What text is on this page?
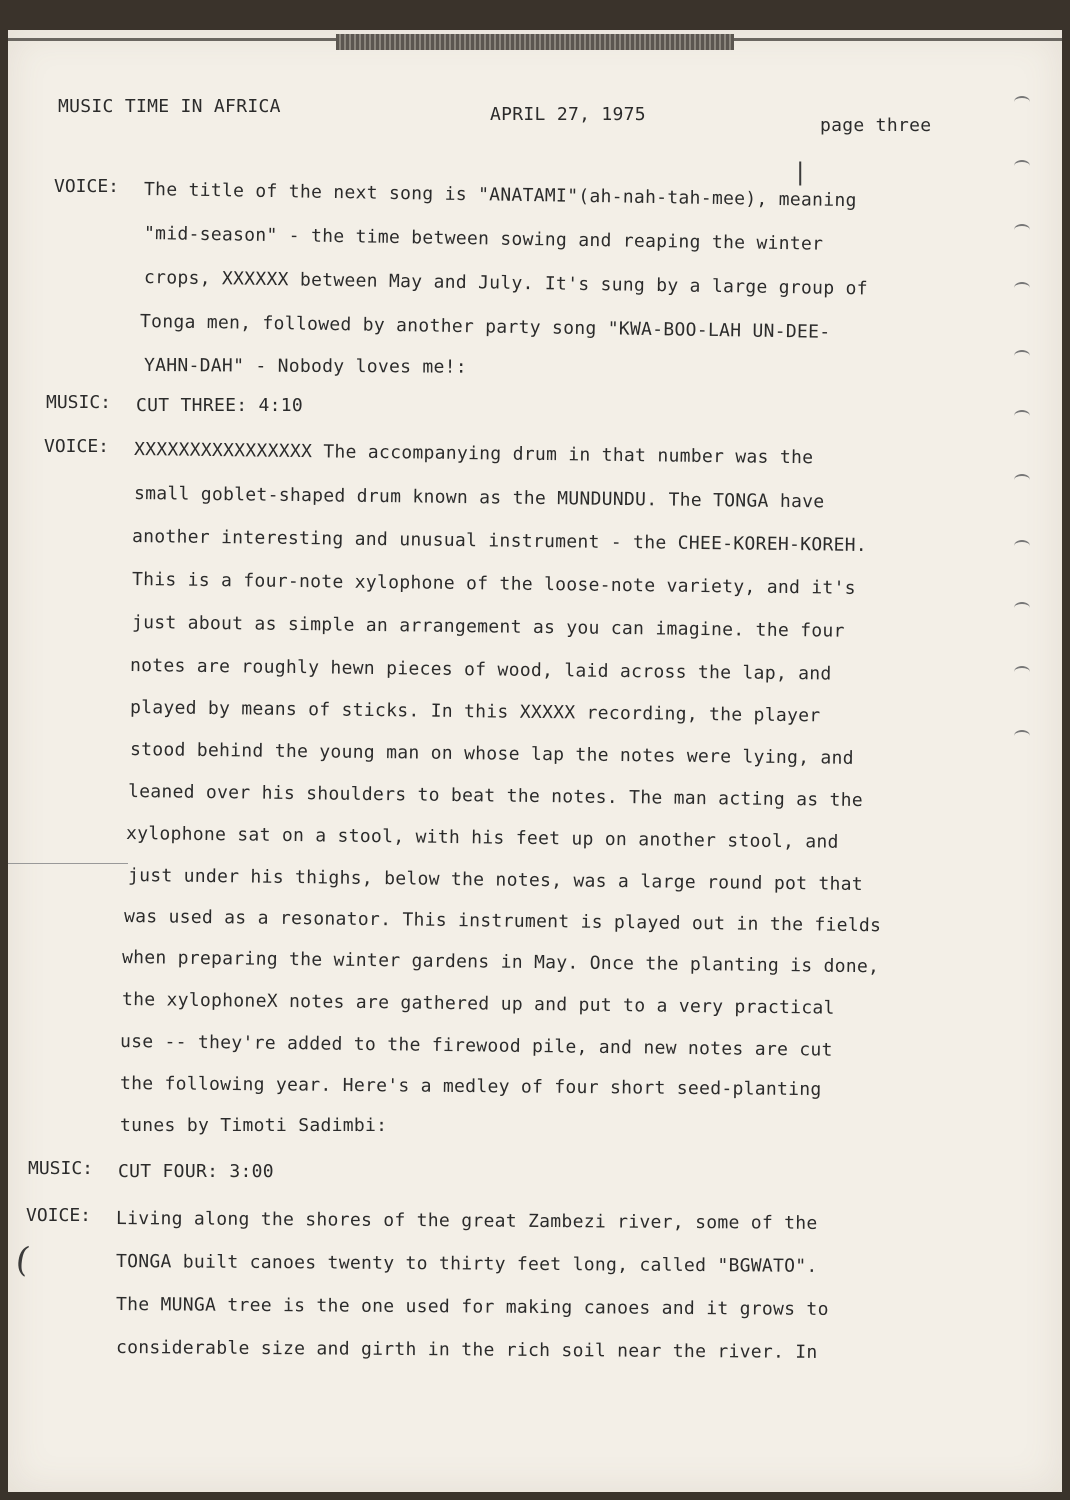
(
|
MUSIC TIME IN AFRICA	APRIL 27, 1975
page three
VOICE: The title of the next song is "ANATAMI"(ah-nah-tah-mee), meaning
"mid-season" - the time between sowing and reaping the winter
crops, XXXXXX between May and July. It's sung by a large group of
Tonga men, followed by another party song "KWA-BOO-LAH UN-DEE-
YAHN-DAH" - Nobody loves me!:
MUSIC: CUT THREE: 4:10
VOICE: XXXXXXXXXXXXXXXX The accompanying drum in that number was the
small goblet-shaped drum known as the MUNDUNDU. The TONGA have
another interesting and unusual instrument - the CHEE-KOREH-KOREH.
This is a four-note xylophone of the loose-note variety, and it's
just about as simple an arrangement as you can imagine. the four
notes are roughly hewn pieces of wood, laid across the lap, and
played by means of sticks. In this XXXXX recording, the player
stood behind the young man on whose lap the notes were lying, and
leaned over his shoulders to beat the notes. The man acting as the
xylophone sat on a stool, with his feet up on another stool, and
just under his thighs, below the notes, was a large round pot that
was used as a resonator. This instrument is played out in the fields
when preparing the winter gardens in May. Once the planting is done,
the xylophoneX notes are gathered up and put to a very practical
use -- they're added to the firewood pile, and new notes are cut
the following year. Here's a medley of four short seed-planting
tunes by Timoti Sadimbi:
MUSIC: CUT FOUR: 3:00
VOICE: Living along the shores of the great Zambezi river, some of the
TONGA built canoes twenty to thirty feet long, called "BGWATO".
The MUNGA tree is the one used for making canoes and it grows to
considerable size and girth in the rich soil near the river. In
